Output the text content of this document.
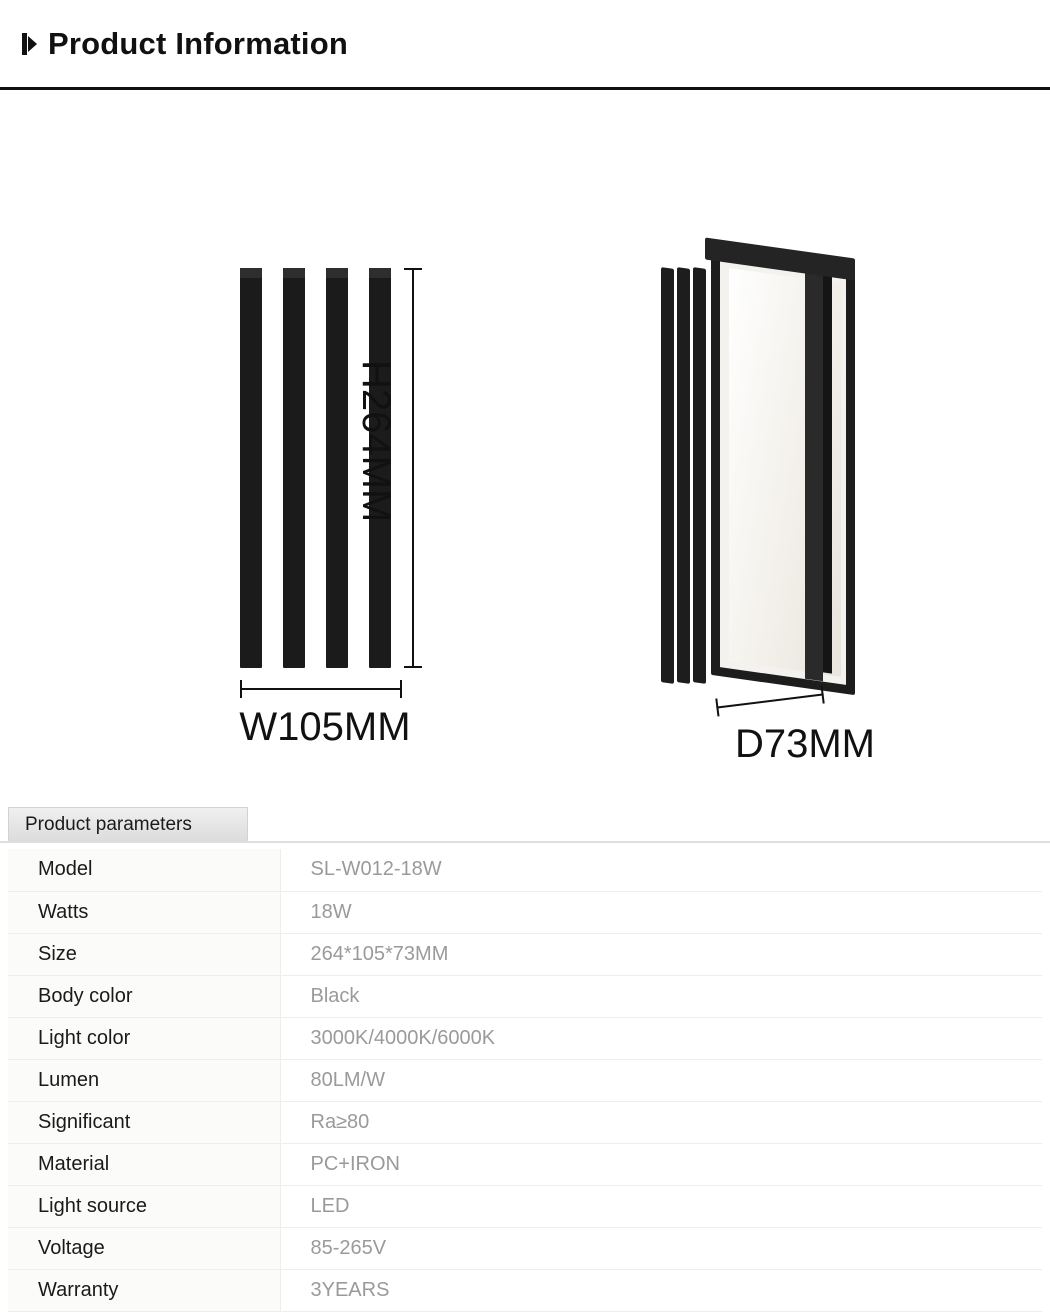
Product Information
H264MM
W105MM	D73MM
Product parameters
Model	SL-W012-18W
Watts	18W
Size	264*105*73MM
Body color	Black
Light color	3000K/4000K/6000K
Lumen	80LM/W
Significant	Ra≥80
Material	PC+IRON
Light source	LED
Voltage	85-265V
Warranty	3YEARS
